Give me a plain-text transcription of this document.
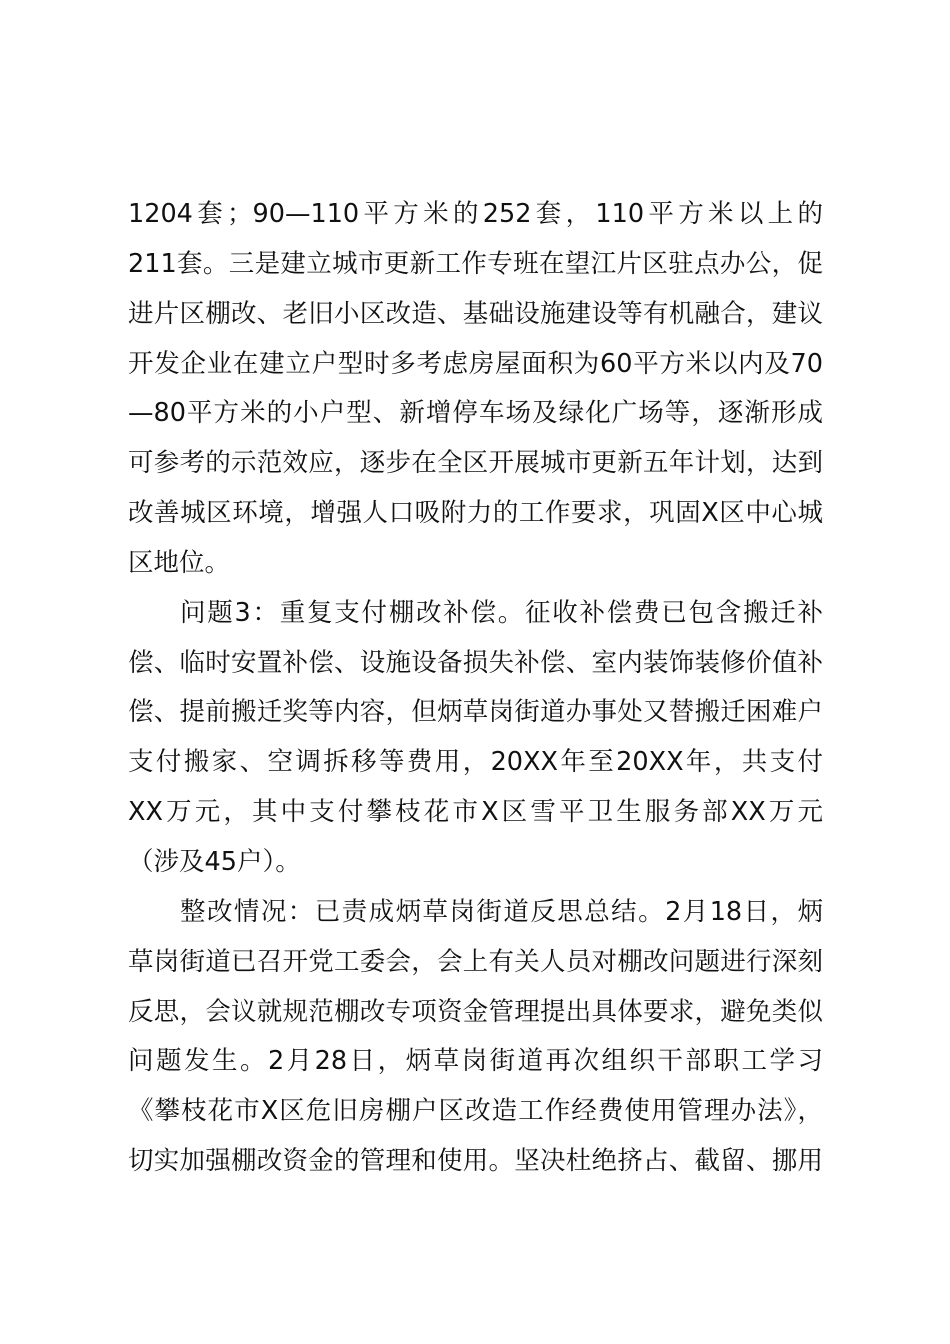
1204套；90—110平方米的252套，110平方米以上的
211套。三是建立城市更新工作专班在望江片区驻点办公，促
进片区棚改、老旧小区改造、基础设施建设等有机融合，建议
开发企业在建立户型时多考虑房屋面积为60平方米以内及70
—80平方米的小户型、新增停车场及绿化广场等，逐渐形成
可参考的示范效应，逐步在全区开展城市更新五年计划，达到
改善城区环境，增强人口吸附力的工作要求，巩固X区中心城
区地位。
问题3：重复支付棚改补偿。征收补偿费已包含搬迁补
偿、临时安置补偿、设施设备损失补偿、室内装饰装修价值补
偿、提前搬迁奖等内容，但炳草岗街道办事处又替搬迁困难户
支付搬家、空调拆移等费用，20XX年至20XX年，共支付
XX万元，其中支付攀枝花市X区雪平卫生服务部XX万元
（涉及45户）。
整改情况：已责成炳草岗街道反思总结。2月18日，炳
草岗街道已召开党工委会，会上有关人员对棚改问题进行深刻
反思，会议就规范棚改专项资金管理提出具体要求，避免类似
问题发生。2月28日，炳草岗街道再次组织干部职工学习
《攀枝花市X区危旧房棚户区改造工作经费使用管理办法》，
切实加强棚改资金的管理和使用。坚决杜绝挤占、截留、挪用
